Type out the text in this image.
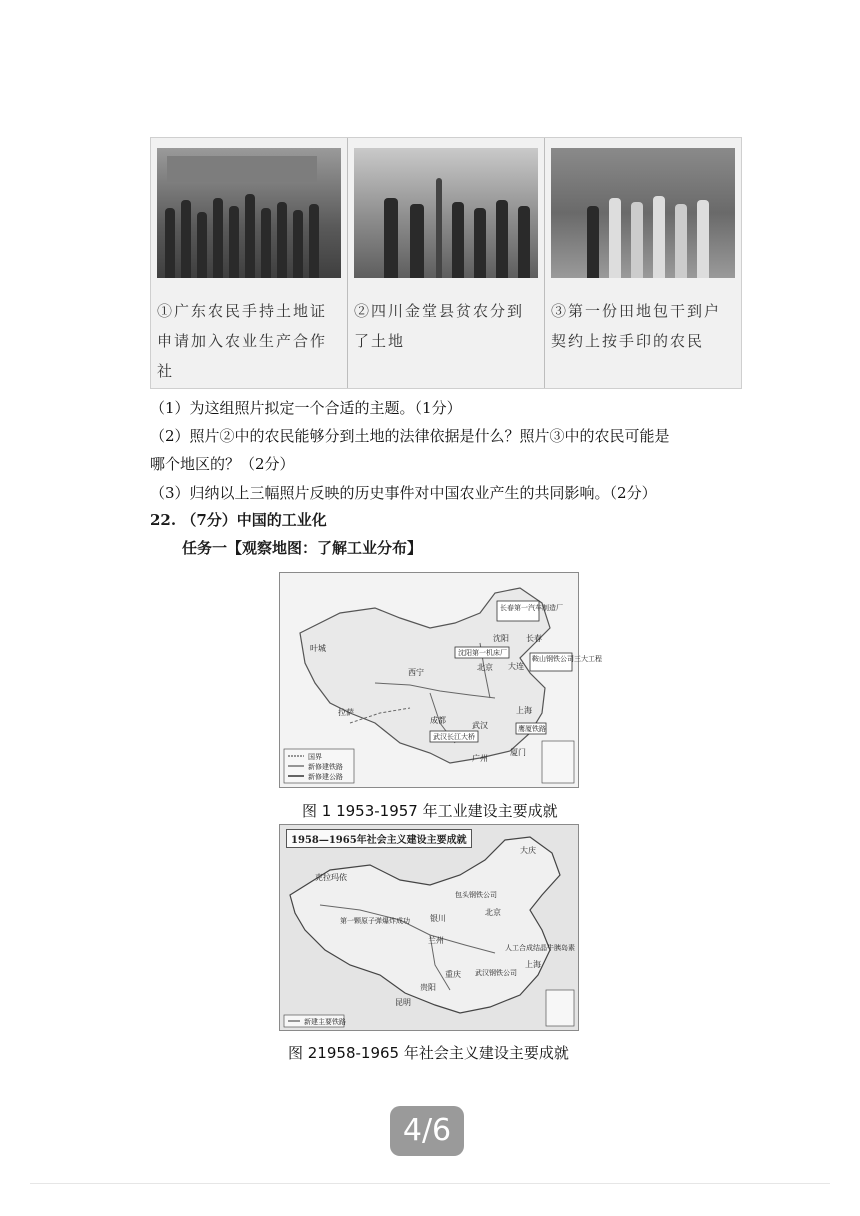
①广东农民手持土地证申请加入农业生产合作社
②四川金堂县贫农分到了土地
③第一份田地包干到户契约上按手印的农民
（1）为这组照片拟定一个合适的主题。（1分）
（2）照片②中的农民能够分到土地的法律依据是什么？照片③中的农民可能是
哪个地区的？（2分）
（3）归纳以上三幅照片反映的历史事件对中国农业产生的共同影响。（2分）
22. （7分）中国的工业化
任务一【观察地图：了解工业分布】
长春第一汽车制造厂
沈阳 长春
沈阳第一机床厂
鞍山钢铁公司三大工程
北京 大连
西宁
叶城
拉萨
成都
武汉
武汉长江大桥
上海
鹰厦铁路
厦门
广州
国界
新修建铁路
新修建公路
图 1 1953-1957 年工业建设主要成就
大庆
包头钢铁公司
克拉玛依
第一颗原子弹爆炸成功
兰州
银川
北京
人工合成结晶牛胰岛素
上海
武汉钢铁公司
重庆
贵阳
昆明
新建主要铁路
1958—1965年社会主义建设主要成就
图 21958-1965 年社会主义建设主要成就
4/6
